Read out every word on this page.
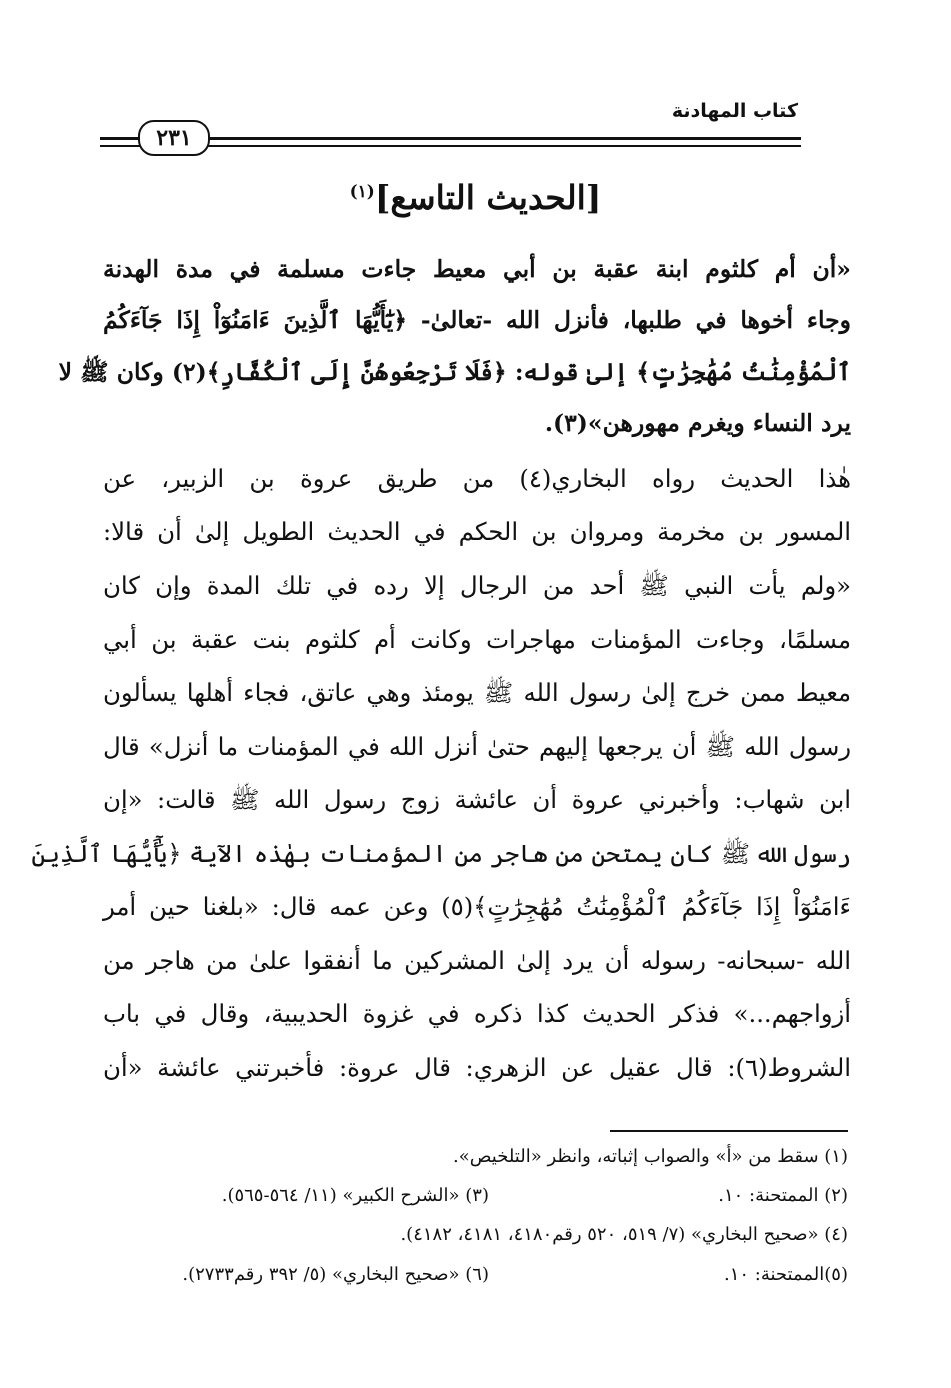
كتاب المهادنة
٢٣١
[الحديث التاسع]$^{(١)}$
«أن أم كلثوم ابنة عقبة بن أبي معيط جاءت مسلمة في مدة الهدنة
وجاء أخوها في طلبها، فأنزل الله -تعالىٰ- ﴿يَٰٓأَيُّهَا ٱلَّذِينَ ءَامَنُوٓاْ إِذَا جَآءَكُمُ
ٱلْمُؤْمِنَٰتُ مُهَٰجِرَٰتٍ﴾ إلىٰ قوله: ﴿فَلَا تَرْجِعُوهُنَّ إِلَى ٱلْكُفَّارِ﴾(٢) وكان ﷺ لا
يرد النساء ويغرم مهورهن»(٣).
هٰذا الحديث رواه البخاري(٤) من طريق عروة بن الزبير، عن
المسور بن مخرمة ومروان بن الحكم في الحديث الطويل إلىٰ أن قالا:
«ولم يأت النبي ﷺ أحد من الرجال إلا رده في تلك المدة وإن كان
مسلمًا، وجاءت المؤمنات مهاجرات وكانت أم كلثوم بنت عقبة بن أبي
معيط ممن خرج إلىٰ رسول الله ﷺ يومئذ وهي عاتق، فجاء أهلها يسألون
رسول الله ﷺ أن يرجعها إليهم حتىٰ أنزل الله في المؤمنات ما أنزل» قال
ابن شهاب: وأخبرني عروة أن عائشة زوج رسول الله ﷺ قالت: «إن
رسول الله ﷺ كان يمتحن من هاجر من المؤمنات بهٰذه الآية ﴿يَٰٓأَيُّهَا ٱلَّذِينَ
ءَامَنُوٓاْ إِذَا جَآءَكُمُ ٱلْمُؤْمِنَٰتُ مُهَٰجِرَٰتٍ﴾(٥) وعن عمه قال: «بلغنا حين أمر
الله -سبحانه- رسوله أن يرد إلىٰ المشركين ما أنفقوا علىٰ من هاجر من
أزواجهم...» فذكر الحديث كذا ذكره في غزوة الحديبية، وقال في باب
الشروط(٦): قال عقيل عن الزهري: قال عروة: فأخبرتني عائشة «أن
(١) سقط من «أ» والصواب إثباته، وانظر «التلخيص».
(٢) الممتحنة: ١٠.
(٣) «الشرح الكبير» (١١/ ٥٦٤-٥٦٥).
(٤) «صحيح البخاري» (٧/ ٥١٩، ٥٢٠ رقم٤١٨٠، ٤١٨١، ٤١٨٢).
(٥)الممتحنة: ١٠.
(٦) «صحيح البخاري» (٥/ ٣٩٢ رقم٢٧٣٣).
